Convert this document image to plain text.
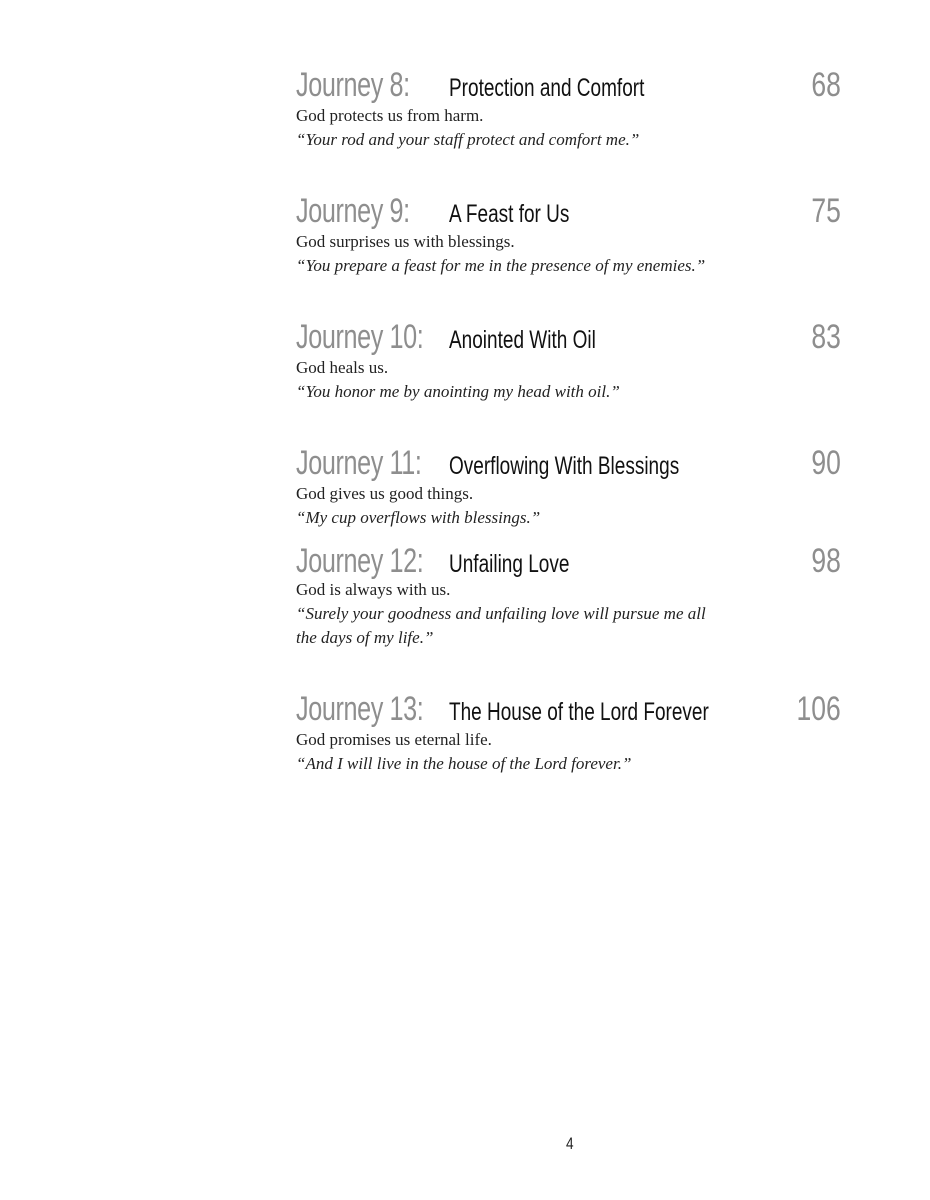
Journey 8: Protection and Comfort	68
God protects us from harm.
“Your rod and your staff protect and comfort me.”
Journey 9: A Feast for Us	75
God surprises us with blessings.
“You prepare a feast for me in the presence of my enemies.”
Journey 10: Anointed With Oil	83
God heals us.
“You honor me by anointing my head with oil.”
Journey 11: Overflowing With Blessings	90
God gives us good things.
“My cup overflows with blessings.”
Journey 12: Unfailing Love	98
God is always with us.
“Surely your goodness and unfailing love will pursue me all the days of my life.”
Journey 13: The House of the Lord Forever	106
God promises us eternal life.
“And I will live in the house of the Lord forever.”
4
